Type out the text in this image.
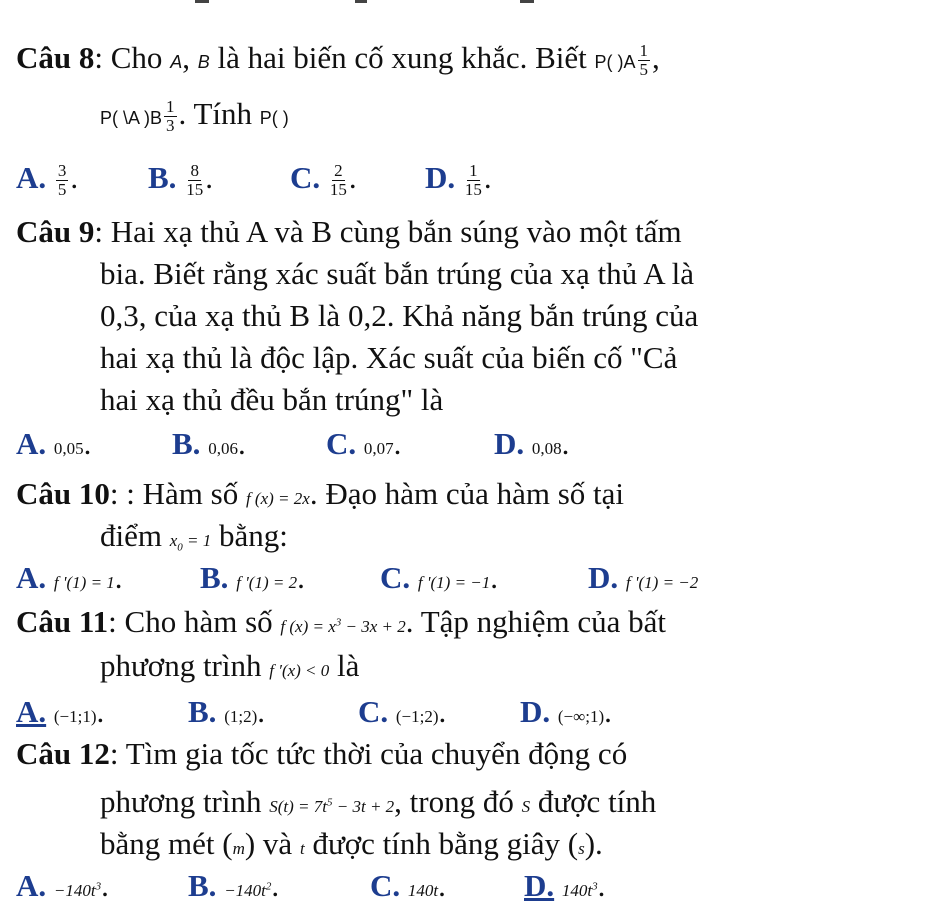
Câu 8: Cho A, B là hai biến cố xung khắc. Biết P( )$A \frac{1}{5}$ ,
P( \A )$B \frac{1}{3}$ . Tính P( )
A. $\frac{3}{5}$ . B. $\frac{8}{15}$ . C. $\frac{2}{15}$ . D. $\frac{1}{15}$ .
Câu 9: Hai xạ thủ A và B cùng bắn súng vào một tấm
bia. Biết rằng xác suất bắn trúng của xạ thủ A là
0,3, của xạ thủ B là 0,2. Khả năng bắn trúng của
hai xạ thủ là độc lập. Xác suất của biến cố "Cả
hai xạ thủ đều bắn trúng" là
A. 0,05.	B. 0,06.	C. 0,07.	D. 0,08.
Câu 10: : Hàm số f (x) = 2x. Đạo hàm của hàm số tại
điểm $x_0 = 1$ bằng:
A. f '(1) = 1. B. f '(1) = 2. C. f '(1) = −1.	D. f '(1) = −2
Câu 11: Cho hàm số f $(x) = x^3 - 3x + 2$. Tập nghiệm của bất
phương trình f ′(x) < 0 là
A. (−1;1).	B. (1;2).	C. (−1;2). D. (−∞;1).
Câu 12: Tìm gia tốc tức thời của chuyển động có
phương trình $S(t) = 7t^5 - 3t + 2$, trong đó S được tính
bằng mét (m) và t được tính bằng giây (s).
A. $-140t^3$.	B. $-140t^2$.	C. 140t.	D. $140t^3$.
